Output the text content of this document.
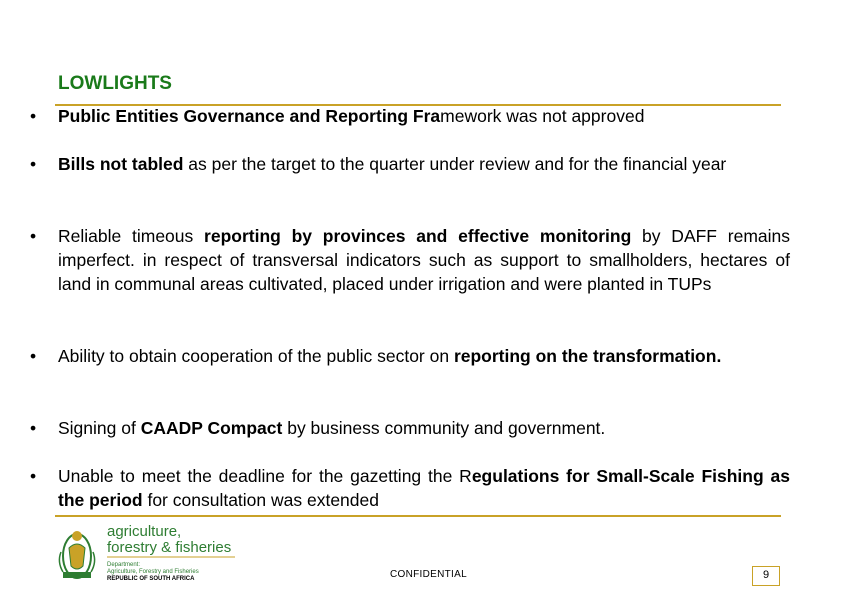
LOWLIGHTS
•	Public Entities Governance and Reporting Framework was not approved
•	Bills not tabled as per the target to the quarter under review and for the financial year
•	Reliable timeous reporting by provinces and effective monitoring by DAFF remains imperfect. in respect of transversal indicators such as support to smallholders, hectares of land in communal areas cultivated, placed under irrigation and were planted in TUPs
•	Ability to obtain cooperation of the public sector on reporting on the transformation.
•	Signing of CAADP Compact by business community and government.
•	Unable to meet the deadline for the gazetting the Regulations for Small-Scale Fishing as the period for consultation was extended
agriculture,
forestry & fisheries
Department:
Agriculture, Forestry and Fisheries
REPUBLIC OF SOUTH AFRICA	CONFIDENTIAL	9
